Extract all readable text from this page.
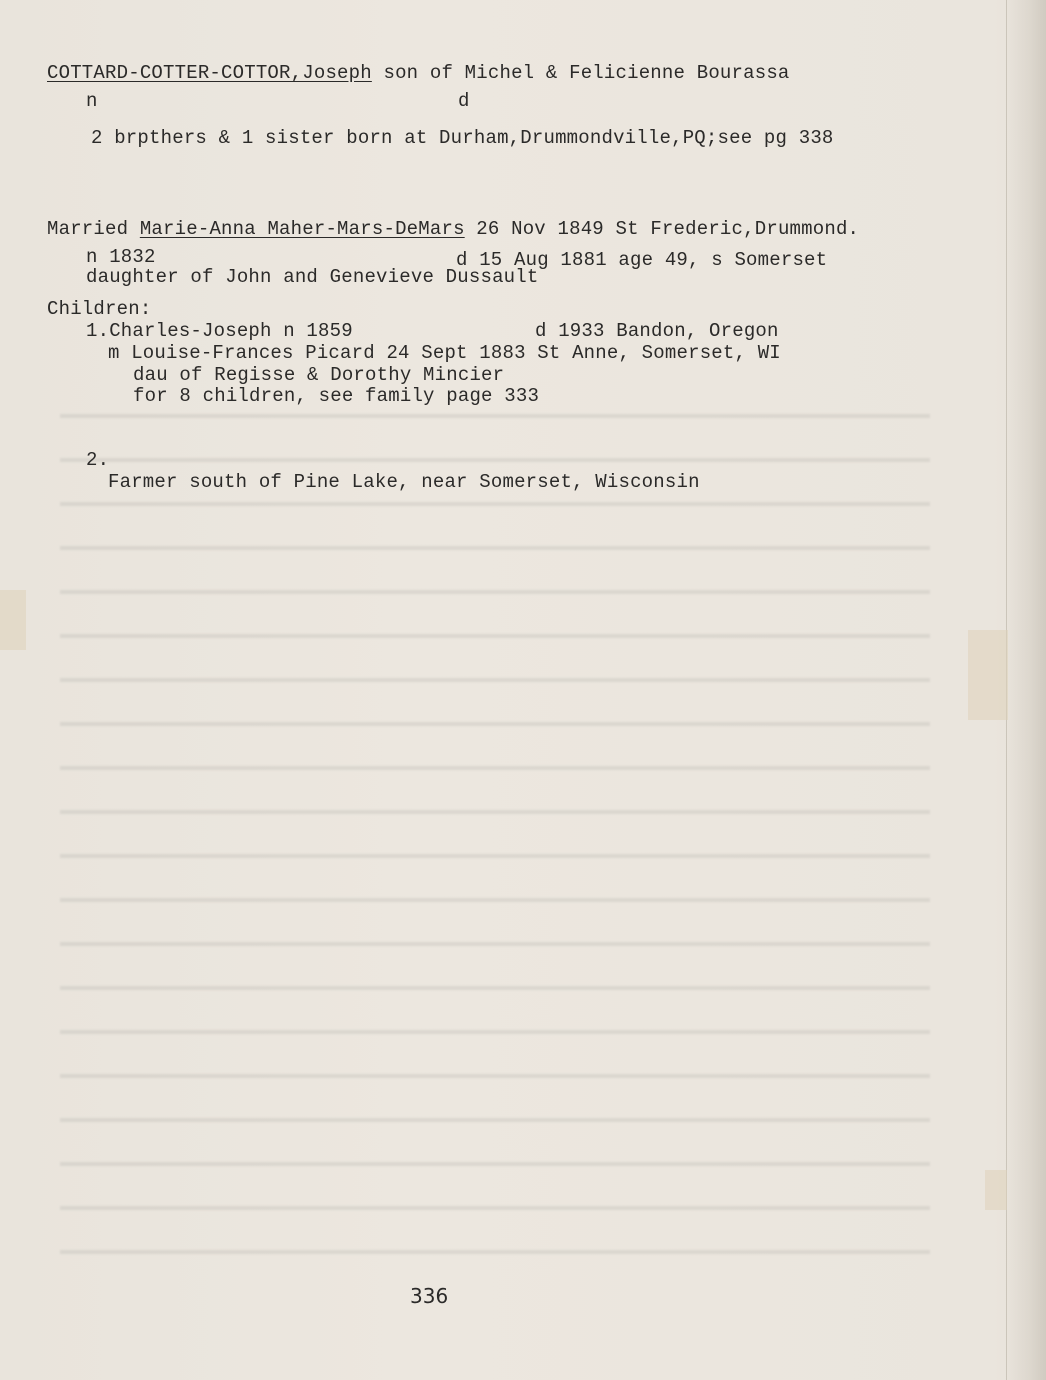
COTTARD-COTTER-COTTOR,Joseph son of Michel & Felicienne Bourassa
n	d
2 brpthers & 1 sister born at Durham,Drummondville,PQ;see pg 338
Married Marie-Anna Maher-Mars-DeMars 26 Nov 1849 St Frederic,Drummond.
n 1832	d 15 Aug 1881 age 49, s Somerset
daughter of John and Genevieve Dussault
Children:
1.Charles-Joseph n 1859	d 1933 Bandon, Oregon
m Louise-Frances Picard 24 Sept 1883 St Anne, Somerset, WI
dau of Regisse & Dorothy Mincier
for 8 children, see family page 333
2.
Farmer south of Pine Lake, near Somerset, Wisconsin
336
